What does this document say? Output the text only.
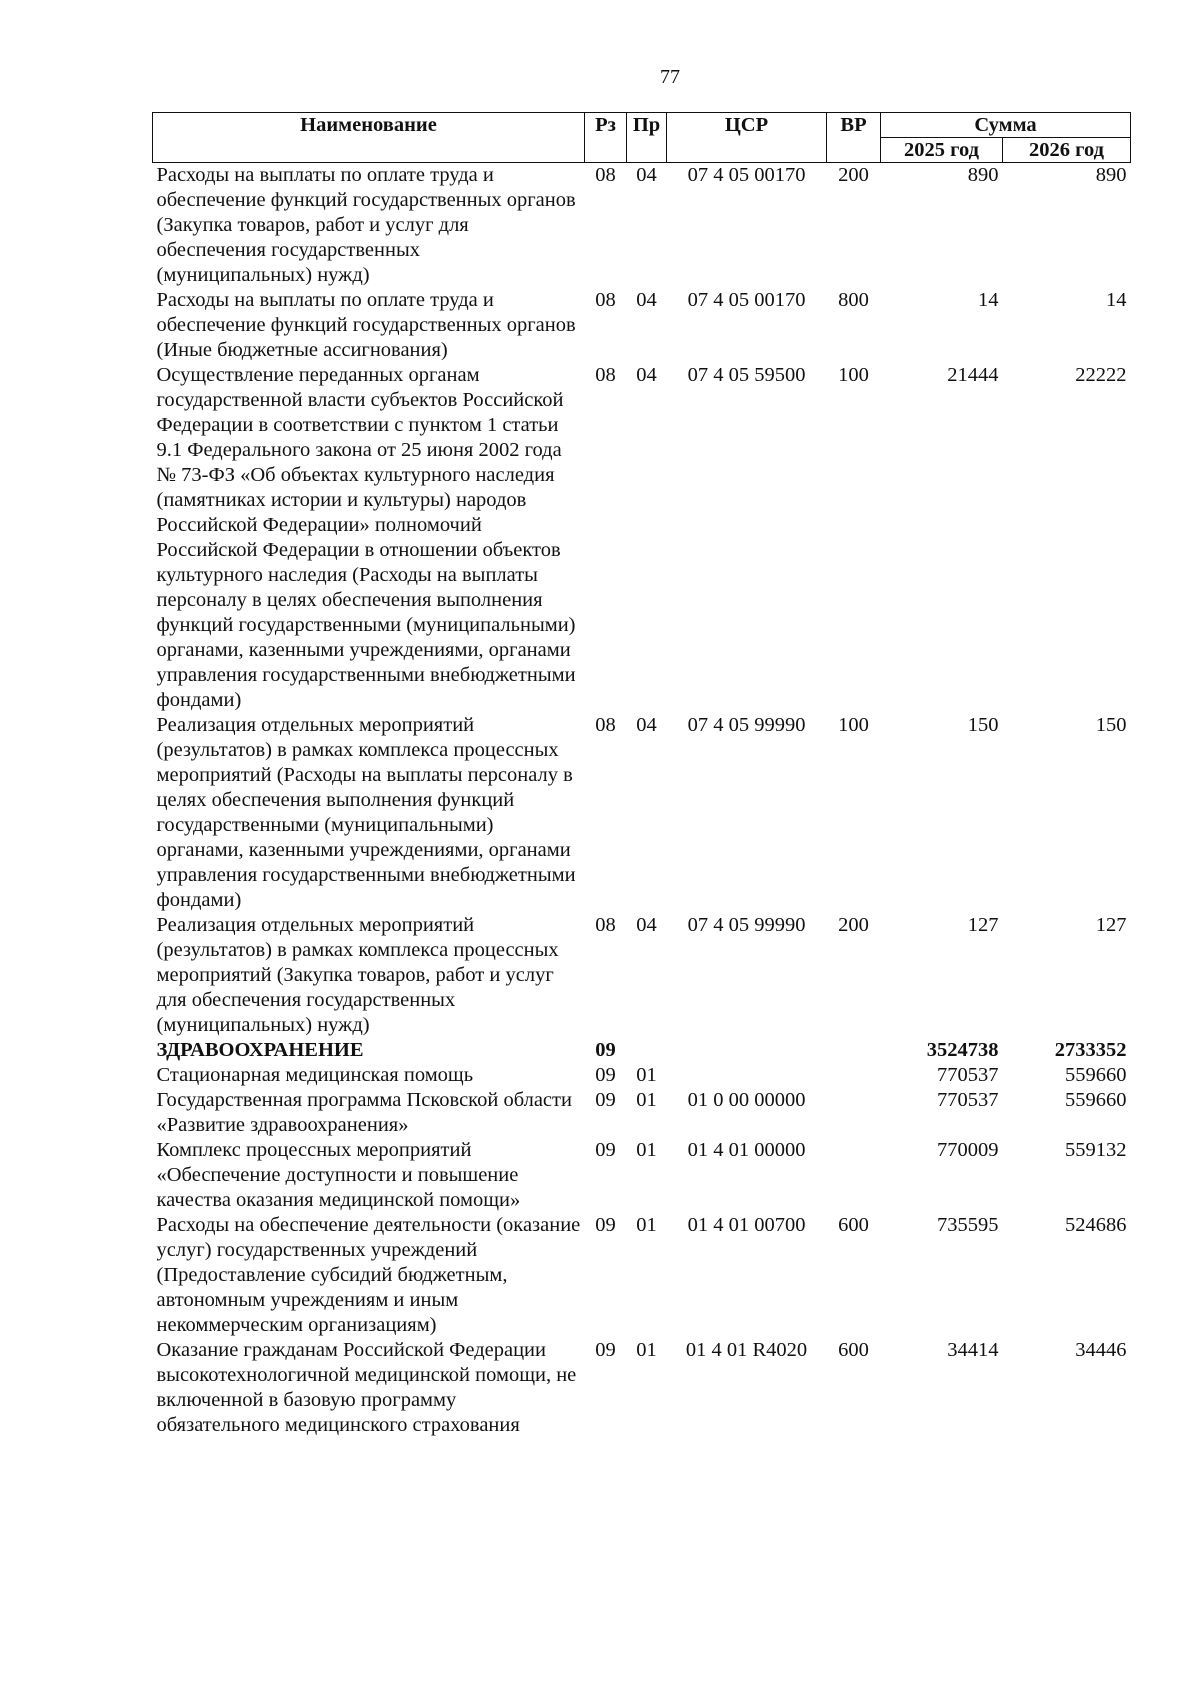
77
Наименование	Рз	Пр	ЦСР	ВР	Сумма	
					2025 год	2026 год
Расходы на выплаты по оплате труда и обеспечение функций государственных органов (Закупка товаров, работ и услуг для обеспечения государственных (муниципальных) нужд)	08	04	07 4 05 00170	200	890	890
Расходы на выплаты по оплате труда и обеспечение функций государственных органов (Иные бюджетные ассигнования)	08	04	07 4 05 00170	800	14	14
Осуществление переданных органам государственной власти субъектов Российской Федерации в соответствии с пунктом 1 статьи 9.1 Федерального закона от 25 июня 2002 года № 73-ФЗ «Об объектах культурного наследия (памятниках истории и культуры) народов Российской Федерации» полномочий Российской Федерации в отношении объектов культурного наследия (Расходы на выплаты персоналу в целях обеспечения выполнения функций государственными (муниципальными) органами, казенными учреждениями, органами управления государственными внебюджетными фондами)	08	04	07 4 05 59500	100	21444	22222
Реализация отдельных мероприятий (результатов) в рамках комплекса процессных мероприятий (Расходы на выплаты персоналу в целях обеспечения выполнения функций государственными (муниципальными) органами, казенными учреждениями, органами управления государственными внебюджетными фондами)	08	04	07 4 05 99990	100	150	150
Реализация отдельных мероприятий (результатов) в рамках комплекса процессных мероприятий (Закупка товаров, работ и услуг для обеспечения государственных (муниципальных) нужд)	08	04	07 4 05 99990	200	127	127
ЗДРАВООХРАНЕНИЕ	09				3524738	2733352
Стационарная медицинская помощь	09	01			770537	559660
Государственная программа Псковской области «Развитие здравоохранения»	09	01	01 0 00 00000		770537	559660
Комплекс процессных мероприятий «Обеспечение доступности и повышение качества оказания медицинской помощи»	09	01	01 4 01 00000		770009	559132
Расходы на обеспечение деятельности (оказание услуг) государственных учреждений (Предоставление субсидий бюджетным, автономным учреждениям и иным некоммерческим организациям)	09	01	01 4 01 00700	600	735595	524686
Оказание гражданам Российской Федерации высокотехнологичной медицинской помощи, не включенной в базовую программу обязательного медицинского страхования	09	01	01 4 01 R4020	600	34414	34446
